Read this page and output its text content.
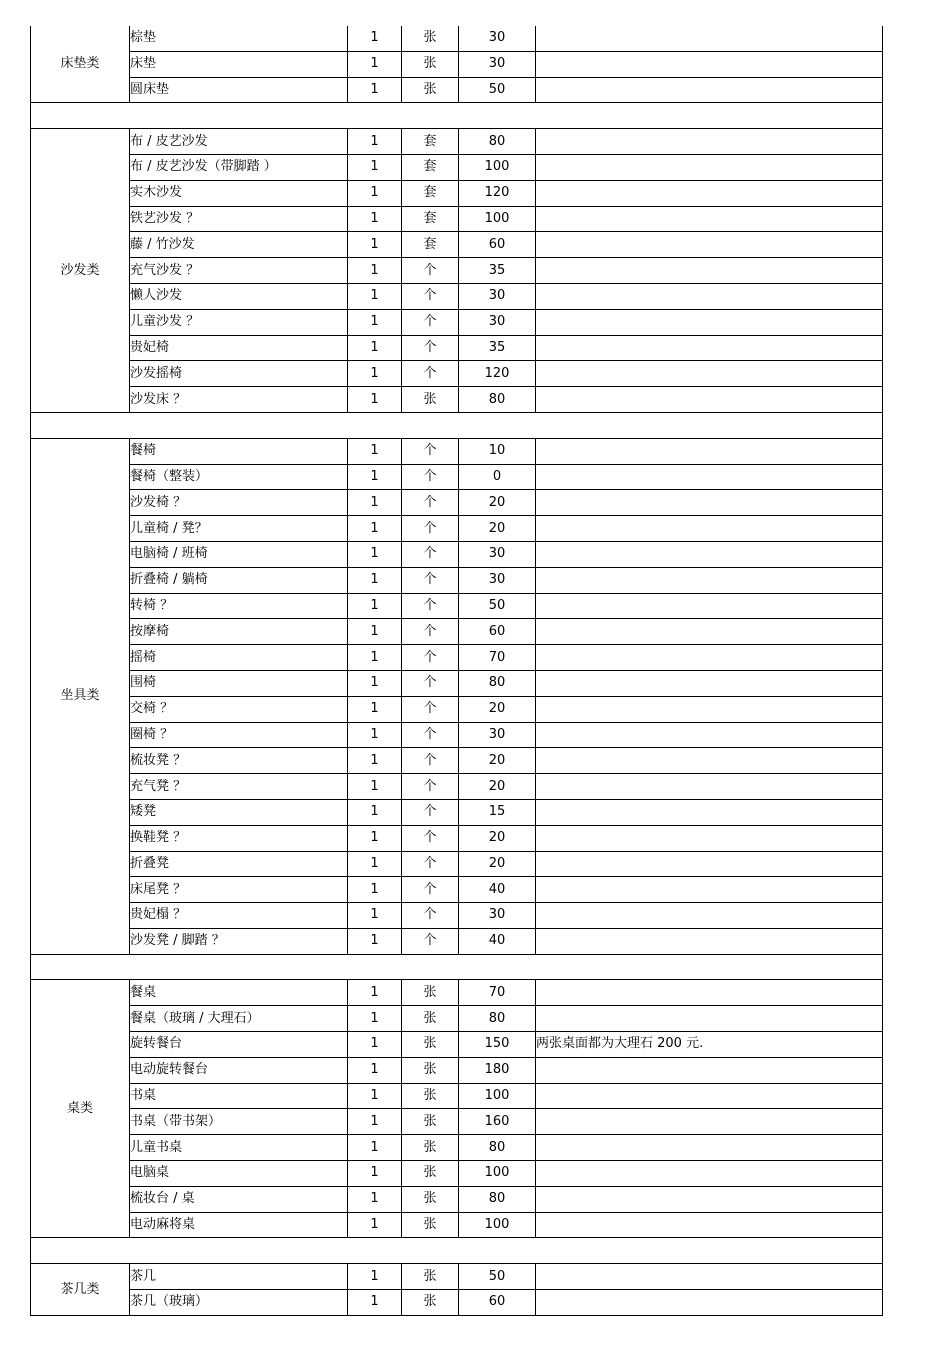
床垫类	棕垫	1	张	30	
	床垫	1	张	30	
	圆床垫	1	张	50	

沙发类	布 / 皮艺沙发	1	套	80	
	布 / 皮艺沙发（带脚踏 ）	1	套	100	
	实木沙发	1	套	120	
	铁艺沙发 ？	1	套	100	
	藤 / 竹沙发	1	套	60	
	充气沙发 ？	1	个	35	
	懒人沙发	1	个	30	
	儿童沙发 ？	1	个	30	
	贵妃椅	1	个	35	
	沙发摇椅	1	个	120	
	沙发床 ？	1	张	80	

坐具类	餐椅	1	个	10	
	餐椅（整装）	1	个	0	
	沙发椅 ？	1	个	20	
	儿童椅 / 凳？	1	个	20	
	电脑椅 / 班椅	1	个	30	
	折叠椅 / 躺椅	1	个	30	
	转椅 ？	1	个	50	
	按摩椅	1	个	60	
	摇椅	1	个	70	
	围椅	1	个	80	
	交椅 ？	1	个	20	
	圈椅 ？	1	个	30	
	梳妆凳 ？	1	个	20	
	充气凳 ？	1	个	20	
	矮凳	1	个	15	
	换鞋凳 ？	1	个	20	
	折叠凳	1	个	20	
	床尾凳 ？	1	个	40	
	贵妃榻 ？	1	个	30	
	沙发凳 / 脚踏 ？	1	个	40	

桌类	餐桌	1	张	70	
	餐桌（玻璃 / 大理石）	1	张	80	
	旋转餐台	1	张	150	两张桌面都为大理石 200 元.
	电动旋转餐台	1	张	180	
	书桌	1	张	100	
	书桌（带书架）	1	张	160	
	儿童书桌	1	张	80	
	电脑桌	1	张	100	
	梳妆台 / 桌	1	张	80	
	电动麻将桌	1	张	100	

茶几类	茶几	1	张	50	
	茶几（玻璃）	1	张	60	
